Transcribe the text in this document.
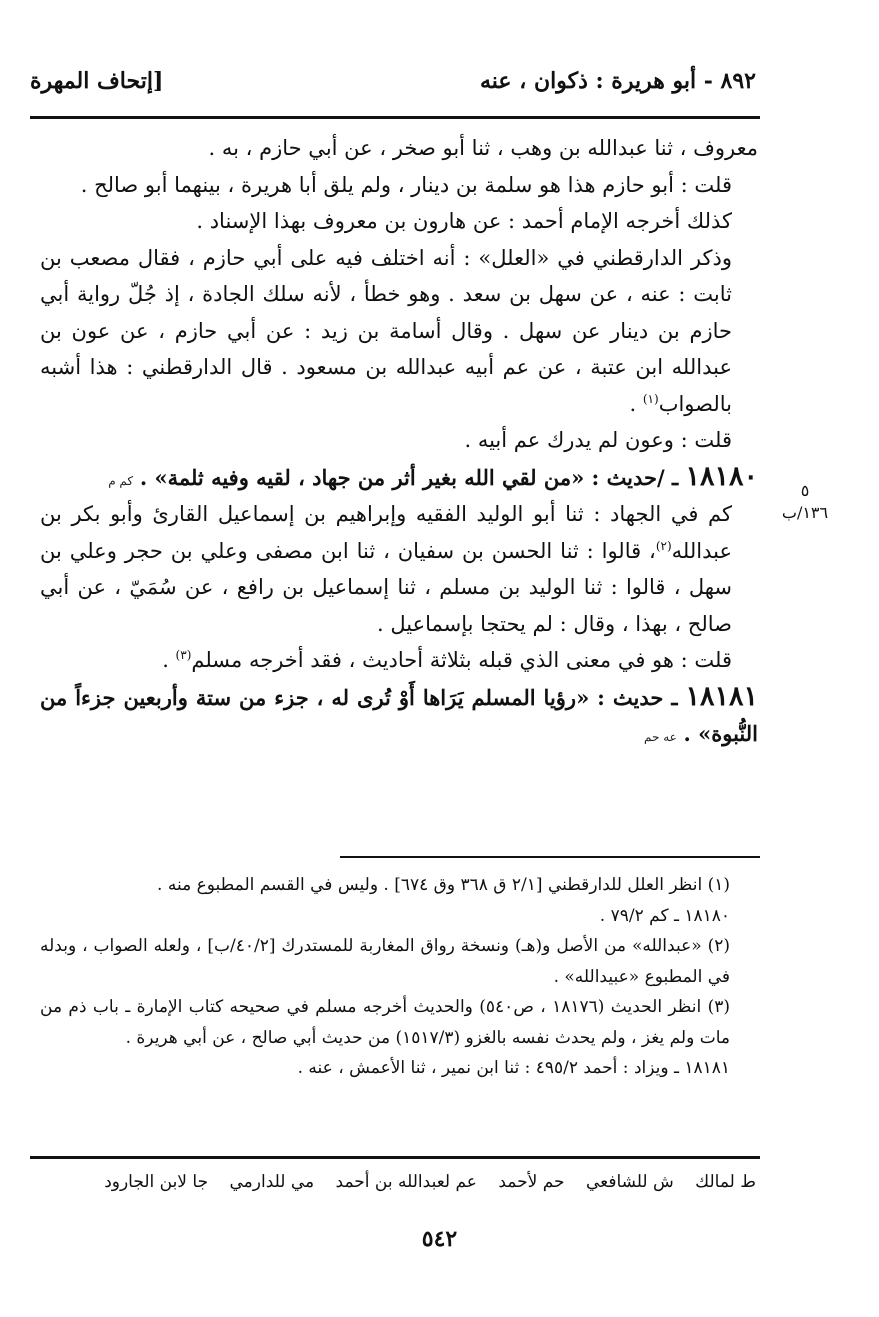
٨٩٢ - أبو هريرة : ذكوان ، عنه
[إتحاف المهرة

معروف ، ثنا عبدالله بن وهب ، ثنا أبو صخر ، عن أبي حازم ، به .

قلت : أبو حازم هذا هو سلمة بن دينار ، ولم يلق أبا هريرة ، بينهما أبو صالح .

كذلك أخرجه الإمام أحمد : عن هارون بن معروف بهذا الإسناد .

وذكر الدارقطني في «العلل» : أنه اختلف فيه على أبي حازم ، فقال مصعب بن ثابت : عنه ، عن سهل بن سعد . وهو خطأ ، لأنه سلك الجادة ، إذ جُلّ رواية أبي حازم بن دينار عن سهل . وقال أسامة بن زيد : عن أبي حازم ، عن عون بن عبدالله ابن عتبة ، عن عم أبيه عبدالله بن مسعود . قال الدارقطني : هذا أشبه بالصواب$^{(١)}$ .

قلت : وعون لم يدرك عم أبيه .

١٨١٨٠ ـ /حديث : «من لقي الله بغير أثر من جهاد ، لقيه وفيه ثلمة» . كم م

كم في الجهاد : ثنا أبو الوليد الفقيه وإبراهيم بن إسماعيل القارئ وأبو بكر بن عبدالله$^{(٢)}$، قالوا : ثنا الحسن بن سفيان ، ثنا ابن مصفى وعلي بن حجر وعلي بن سهل ، قالوا : ثنا الوليد بن مسلم ، ثنا إسماعيل بن رافع ، عن سُمَيّ ، عن أبي صالح ، بهذا ، وقال : لم يحتجا بإسماعيل .

قلت : هو في معنى الذي قبله بثلاثة أحاديث ، فقد أخرجه مسلم$^{(٣)}$ .

١٨١٨١ ـ حديث : «رؤيا المسلم يَرَاها أَوْ تُرى له ، جزء من ستة وأربعين جزءاً من النُّبوة» . عه حم

٥
١٣٦/ب

(١) انظر العلل للدارقطني [٢/١ ق ٣٦٨ وق ٦٧٤] . وليس في القسم المطبوع منه .

١٨١٨٠ ـ كم ٧٩/٢ .

(٢) «عبدالله» من الأصل و(هـ) ونسخة رواق المغاربة للمستدرك [٤٠/٢/ب] ، ولعله الصواب ، وبدله في المطبوع «عبيدالله» .

(٣) انظر الحديث (١٨١٧٦ ، ص٥٤٠) والحديث أخرجه مسلم في صحيحه كتاب الإمارة ـ باب ذم من مات ولم يغز ، ولم يحدث نفسه بالغزو (١٥١٧/٣) من حديث أبي صالح ، عن أبي هريرة .

١٨١٨١ ـ ويزاد : أحمد ٤٩٥/٢ : ثنا ابن نمير ، ثنا الأعمش ، عنه .

ط لمالك ش للشافعي حم لأحمد عم لعبدالله بن أحمد مي للدارمي جا لابن الجارود
٥٤٢
